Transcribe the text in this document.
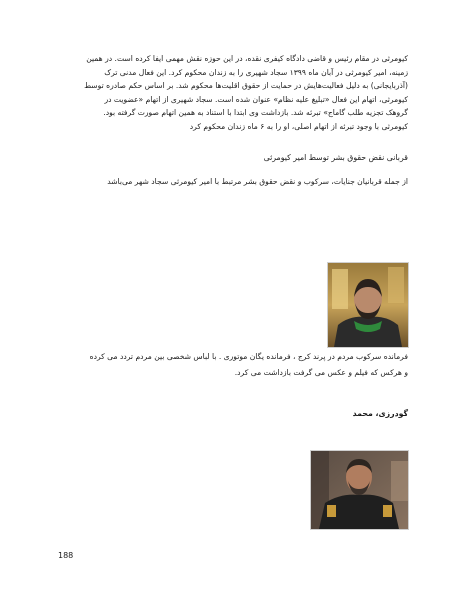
کیومرثی در مقام رئیس و قاضی دادگاه کیفری نقده، در این حوزه نقش مهمی ایفا کرده است. در همین
زمینه، امیر کیومرثی در آبان ماه ۱۳۹۹ سجاد شهیری را به زندان محکوم کرد. این فعال مدنی ترک
(آذربایجانی) به دلیل فعالیت‌هایش در حمایت از حقوق اقلیت‌ها محکوم شد. بر اساس حکم صادره توسط
کیومرثی، اتهام این فعال «تبلیغ علیه نظام» عنوان شده است. سجاد شهیری از اتهام «عضویت در
گروهک تجزیه طلب گاماج» تبرئه شد. بازداشت وی ابتدا با استناد به همین اتهام صورت گرفته بود.
کیومرثی با وجود تبرئه از اتهام اصلی، او را به ۶ ماه زندان محکوم کرد
قربانی نقض حقوق بشر توسط امیر کیومرثی
از جمله قربانیان جنایات، سرکوب و نقض حقوق بشر مرتبط با امیر کیومرثی سجاد شهر می‌باشد
فرمانده سرکوب مردم در پرند کرج ، فرمانده یگان موتوری . با لباس شخصی بین مردم تردد می کرده
و هرکس که فیلم و عکس می گرفت بازداشت می کرد.
گودرزی، محمد
188
